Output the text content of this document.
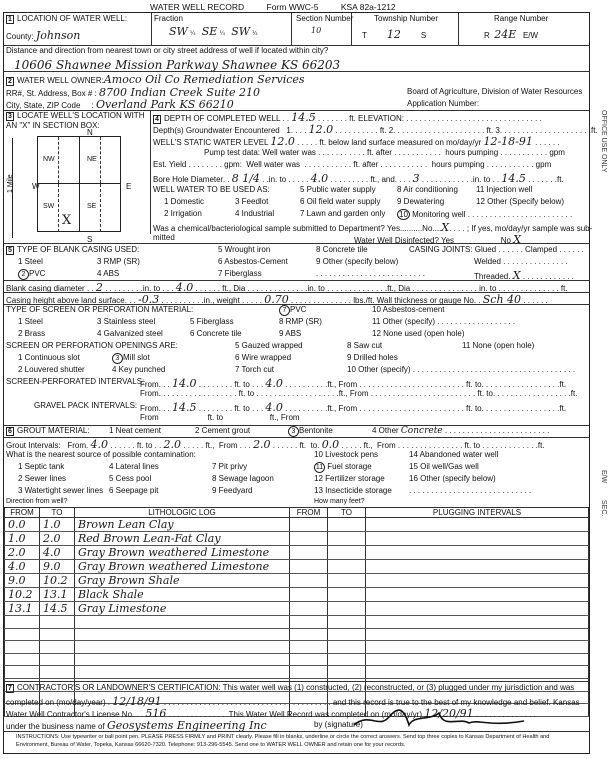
WATER WELL RECORD	Form WWC-5	KSA 82a-1212
1 LOCATION OF WATER WELL:
County: Johnson
Fraction
SW ¼ SE ¼ SW ¼
Section Number
10
Township Number
T 12	S
Range Number
R 24E E/W
Distance and direction from nearest town or city street address of well if located within city?
10606 Shawnee Mission Parkway Shawnee KS 66203
2 WATER WELL OWNER:Amoco Oil Co Remediation Services
RR#, St. Address, Box # : 8700 Indian Creek Suite 210
City, State, ZIP Code     : Overland Park KS 66210
Board of Agriculture, Division of Water Resources
Application Number:
3 LOCATE WELL'S LOCATION WITH AN "X" IN SECTION BOX:
N
S
W	E
1 Mile
NW	NE
SW	SE
X
4 DEPTH OF COMPLETED WELL . . 14.5 . . . . . . . ft. ELEVATION: . . . . . . . . . . . . . . . . . . . . . . . . . . . . . . .
Depth(s) Groundwater Encountered   1. . . . 12.0 . . . . . . . . . . ft. 2. . . . . . . . . . . . . . . . . . . . . ft. 3. . . . . . . . . . . . . . . . . . . . .ft.
WELL'S STATIC WATER LEVEL 12.0 . . . . . ft. below land surface measured on mo/day/yr 12-18-91 . . . . . .
Pump test data: Well water was . . . . . . . . . . . ft. after . . . . . . . . . . .  hours pumping . . . . . . . . . . . gpm
Est. Yield . . . . . . . . gpm:  Well water was  . . . . . . . . . . . ft. after . . . . . . . . . . .  hours pumping . . . . . . . . . . . gpm
Bore Hole Diameter. . 8 1/4 . .in. to . . . . . 4.0 . . . . . . . . . ft., and. . . . 3 . . . . . . . . . . . .in. to . . 14.5 . . . . . . .ft.
WELL WATER TO BE USED AS:
1 Domestic
2 Irrigation
3 Feedlot
4 Industrial
5 Public water supply
6 Oil field water supply
7 Lawn and garden only
8 Air conditioning
9 Dewatering
10 Monitoring well . . . . . . . . . . . . . . . . . . . . . . . .
11 Injection well
12 Other (Specify below)
Was a chemical/bacteriological sample submitted to Department? Yes..........No....X. . . . ; If yes, mo/day/yr sample was sub-
mitted	Water Well Disinfected? Yes	No X
5 TYPE OF BLANK CASING USED:
1 Steel
2 PVC
3 RMP (SR)
4 ABS
5 Wrought iron
6 Asbestos-Cement
7 Fiberglass
8 Concrete tile
9 Other (specify below)
. . . . . . . . . . . . . . . . . . . . . . . . .
CASING JOINTS: Glued . . . . . . Clamped . . . . . .
Welded . . . . . . . . . . . . . . .
Threaded. X . . . . . . . . . . . .
Blank casing diameter . . 2 . . . . . . . . .in. to . . . 4.0 . . . . . . ft., Dia . . . . . . . . . . . . . .in. to . . . . . . . . . . . . . .ft., Dia . . . . . . . . . . . . . . . in. to . . . . . . . . . . . . . . ft.
Casing height above land surface. . . -0.3 . . . . . . . . . .in., weight . . . . . 0.70 . . . . . . . . . . . . . . lbs./ft. Wall thickness or gauge No. . Sch 40 . . . . . .
TYPE OF SCREEN OR PERFORATION MATERIAL:
1 Steel
2 Brass
3 Stainless steel
4 Galvanized steel
5 Fiberglass
6 Concrete tile
7 PVC
8 RMP (SR)
9 ABS
10 Asbestos-cement
11 Other (specify) . . . . . . . . . . . . . . . . . .
12 None used (open hole)
SCREEN OR PERFORATION OPENINGS ARE:
1 Continuous slot
2 Louvered shutter
3 Mill slot
4 Key punched
5 Gauzed wrapped
6 Wire wrapped
7 Torch cut
8 Saw cut
9 Drilled holes
10 Other (specify) . . . . . . . . . . . . . . . . . . . . . . . . . . . . . . . . . . . . .
11 None (open hole)
SCREEN-PERFORATED INTERVALS:
From. . . 14.0 . . . . . . . . ft. to . . . 4.0 . . . . . . . . . .ft., From . . . . . . . . . . . . . . . . . . . . . . . . ft. to. . . . . . . . . . . . . . . . . .ft.
From. . . . . . . . . . . . . . . . . . ft. to . . . . . . . . . . . . . . . . . . .ft., From . . . . . . . . . . . . . . . . . . . . . . . . ft. to. . . . . . . . . . . . . . . . . .ft.
GRAVEL PACK INTERVALS: From. . . 14.5 . . . . . . . . ft. to . . . 4.0 . . . . . . . . . .ft., From . . . . . . . . . . . . . . . . . . . . . . . . ft. to. . . . . . . . . . . . . . . . . .ft.
From                      ft. to                     ft., From
6 GROUT MATERIAL: 1 Neat cement	2 Cement grout	3 Bentonite	4 Other Concrete . . . . . . . . . . . . . . . . . . . . . . . .
Grout Intervals:   From. 4.0 . . . . . . ft. to . . 2.0 . . . . . ft.,  From . . . 2.0 . . . . . . ft.  to. 0.0 . . . . . ft.,  From . . . . . . . . . . . . . . . ft. to . . . . . . . . . . . . .ft.
What is the nearest source of possible contamination:
1 Septic tank
2 Sewer lines
3 Watertight sewer lines
4 Lateral lines
5 Cess pool
6 Seepage pit
7 Pit privy
8 Sewage lagoon
9 Feedyard
10 Livestock pens
11 Fuel storage
12 Fertilizer storage
13 Insecticide storage
14 Abandoned water well
15 Oil well/Gas well
16 Other (specify below)
. . . . . . . . . . . . . . . . . . . . . . . . . . . .
Direction from well?	How many feet?
FROM	TO	LITHOLOGIC LOG	FROM	TO	PLUGGING INTERVALS
0.0	1.0	Brown Lean Clay			
1.0	2.0	Red Brown Lean-Fat Clay			
2.0	4.0	Gray Brown weathered Limestone			
4.0	9.0	Gray Brown weathered Limestone			
9.0	10.2	Gray Brown Shale			
10.2	13.1	Black Shale			
13.1	14.5	Gray Limestone			

7 CONTRACTOR'S OR LANDOWNER'S CERTIFICATION: This water well was (1) constructed, (2) reconstructed, or (3) plugged under my jurisdiction and was
completed on (mo/day/year) . 12/18/91 . . . . . . . . . . . . . . . . . . . . . . . . . . . . . . . . . . . . . . and this record is true to the best of my knowledge and belief. Kansas
Water Well Contractor's License No. . . 516 . . . . . . . . . . . . .  This Water Well Record was completed on (mo/day/yr) 12/20/91 . . . . . . . . . . . . . .
under the business name of Geosystems Engineering Inc	by (signature)
INSTRUCTIONS: Use typewriter or ball point pen. PLEASE PRESS FIRMLY and PRINT clearly. Please fill in blanks, underline or circle the correct answers. Send top three copies to Kansas Department of Health and Environment, Bureau of Water, Topeka, Kansas 66620-7320. Telephone: 913-296-5545. Send one to WATER WELL OWNER and retain one for your records.
OFFICE USE ONLY
E/W
SEC.
